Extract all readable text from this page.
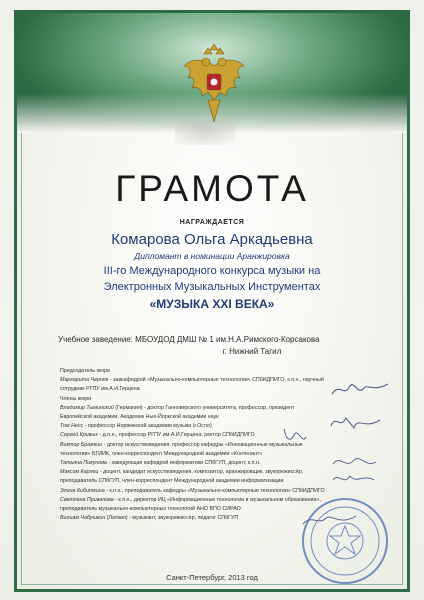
ГРАМОТА
НАГРАЖДАЕТСЯ
Комарова Ольга Аркадьевна
Дипломант в номинации Аранжировка
III-го Международного конкурса музыки на
Электронных Музыкальных Инструментах
«МУЗЫКА XXI ВЕКА»
Учебное заведение: МБОУДОД ДМШ № 1 им.Н.А.Римского-Корсакова
г. Нижний Тагил
Председатель жюри
Маргарита Черняк - завкафедрой «Музыкально-компьютерные технологии» СПбИДПИГО, к.п.н., научный
сотрудник РГПУ им.А.И.Герцена
Члены жюри
Владимир Тыминский (Германия) - доктор Ганноверского университета, профессор, президент
Европейской академии, Академик Нью-Йоркской академии наук
Том Несс - профессор Норвежской академии музыки (г.Осло)
Сергей Кривых - д.п.н., профессор РГПУ им.А.И.Герцена, ректор СПбИДПИГО
Виктор Бражкин - доктор искусствоведения, профессор кафедры «Инновационные музыкальные
технологии» БГИИК, член-корреспондент Международной академии «Контенант»
Татьяна Пикунова - заведующая кафедрой информатики СПбГУП, доцент, к.п.н.
Максим Карпец - доцент, кандидат искусствоведения, композитор, аранжировщик, звукорежиссёр,
преподаватель СПбГУП, член-корреспондент Международной академии информатизации
Элина Кибиткина - к.п.н., преподаватель кафедры «Музыкально-компьютерные технологии» СПбИДПИГО
Светлана Привалова - к.п.н., директор ИЦ «Информационные технологии в музыкальном образовании»,
преподаватель музыкально-компьютерных технологий АНО ВПО СИРАО
Вилиам Чабушкин (Латвия) - музыкант, звукорежиссёр, педагог СПбГУП
Санкт-Петербург, 2013 год
